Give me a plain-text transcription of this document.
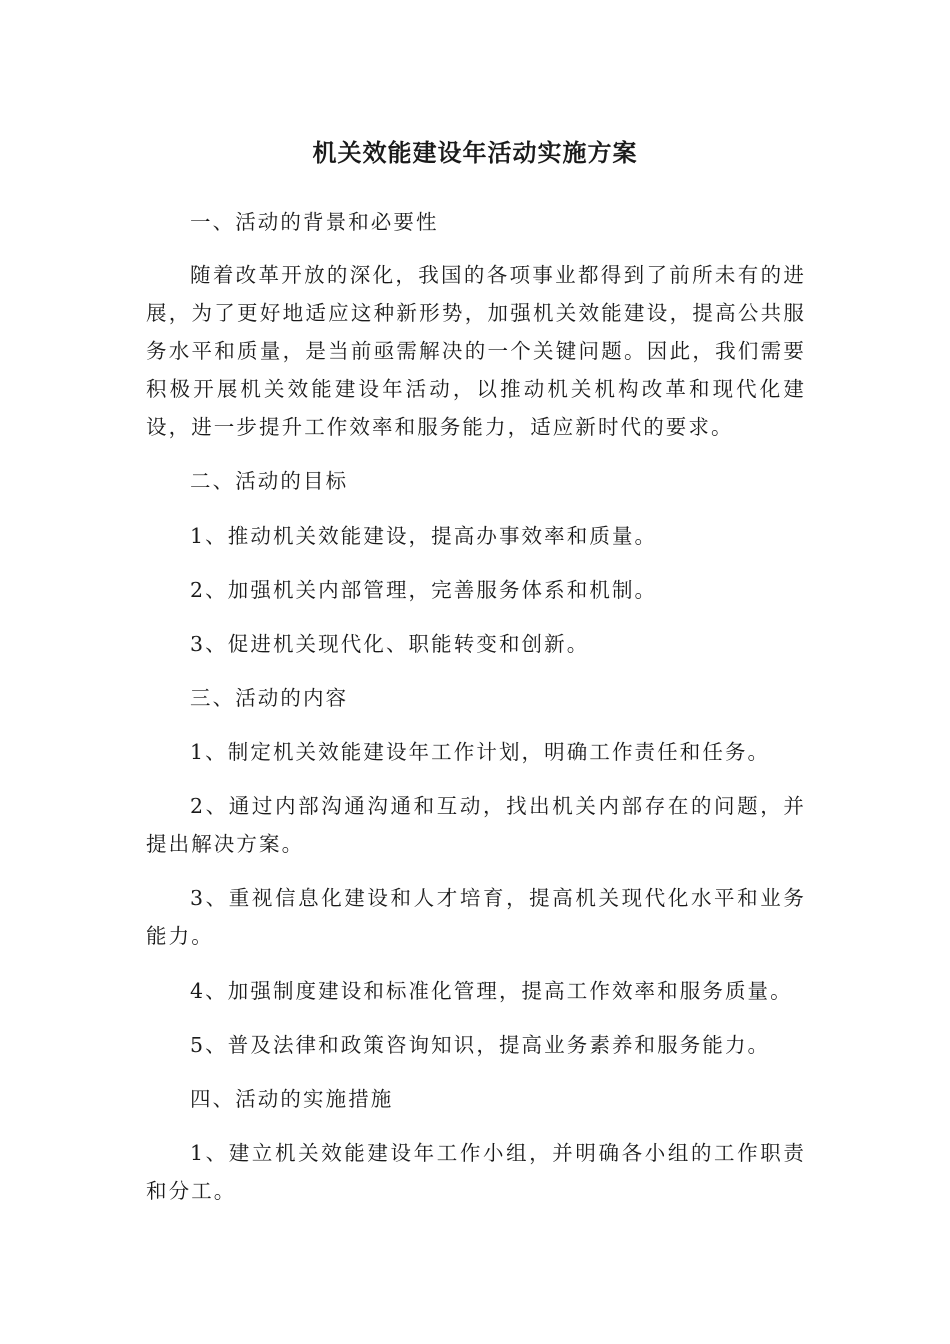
机关效能建设年活动实施方案

一、活动的背景和必要性

随着改革开放的深化，我国的各项事业都得到了前所未有的进展，为了更好地适应这种新形势，加强机关效能建设，提高公共服务水平和质量，是当前亟需解决的一个关键问题。因此，我们需要积极开展机关效能建设年活动，以推动机关机构改革和现代化建设，进一步提升工作效率和服务能力，适应新时代的要求。

二、活动的目标

1、推动机关效能建设，提高办事效率和质量。

2、加强机关内部管理，完善服务体系和机制。

3、促进机关现代化、职能转变和创新。

三、活动的内容

1、制定机关效能建设年工作计划，明确工作责任和任务。

2、通过内部沟通沟通和互动，找出机关内部存在的问题，并提出解决方案。

3、重视信息化建设和人才培育，提高机关现代化水平和业务能力。

4、加强制度建设和标准化管理，提高工作效率和服务质量。

5、普及法律和政策咨询知识，提高业务素养和服务能力。

四、活动的实施措施

1、建立机关效能建设年工作小组，并明确各小组的工作职责和分工。
